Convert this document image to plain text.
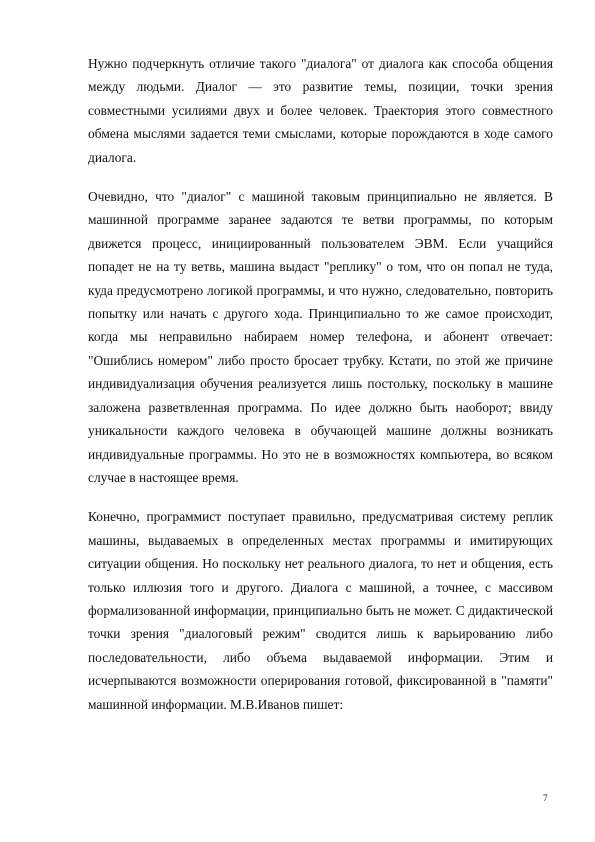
Нужно подчеркнуть отличие такого "диалога" от диалога как способа общения между людьми. Диалог — это развитие темы, позиции, точки зрения совместными усилиями двух и более человек. Траектория этого совместного обмена мыслями задается теми смыслами, которые порождаются в ходе самого диалога.

Очевидно, что "диалог" с машиной таковым принципиально не является. В машинной программе заранее задаются те ветви программы, по которым движется процесс, инициированный пользователем ЭВМ. Если учащийся попадет не на ту ветвь, машина выдаст "реплику" о том, что он попал не туда, куда предусмотрено логикой программы, и что нужно, следовательно, повторить попытку или начать с другого хода. Принципиально то же самое происходит, когда мы неправильно набираем номер телефона, и абонент отвечает: "Ошиблись номером" либо просто бросает трубку. Кстати, по этой же причине индивидуализация обучения реализуется лишь постольку, поскольку в машине заложена разветвленная программа. По идее должно быть наоборот; ввиду уникальности каждого человека в обучающей машине должны возникать индивидуальные программы. Но это не в возможностях компьютера, во всяком случае в настоящее время.

Конечно, программист поступает правильно, предусматривая систему реплик машины, выдаваемых в определенных местах программы и имитирующих ситуации общения. Но поскольку нет реального диалога, то нет и общения, есть только иллюзия того и другого. Диалога с машиной, а точнее, с массивом формализованной информации, принципиально быть не может. С дидактической точки зрения "диалоговый режим" сводится лишь к варьированию либо последовательности, либо объема выдаваемой информации. Этим и исчерпываются возможности оперирования готовой, фиксированной в "памяти" машинной информации. М.В.Иванов пишет:

7
